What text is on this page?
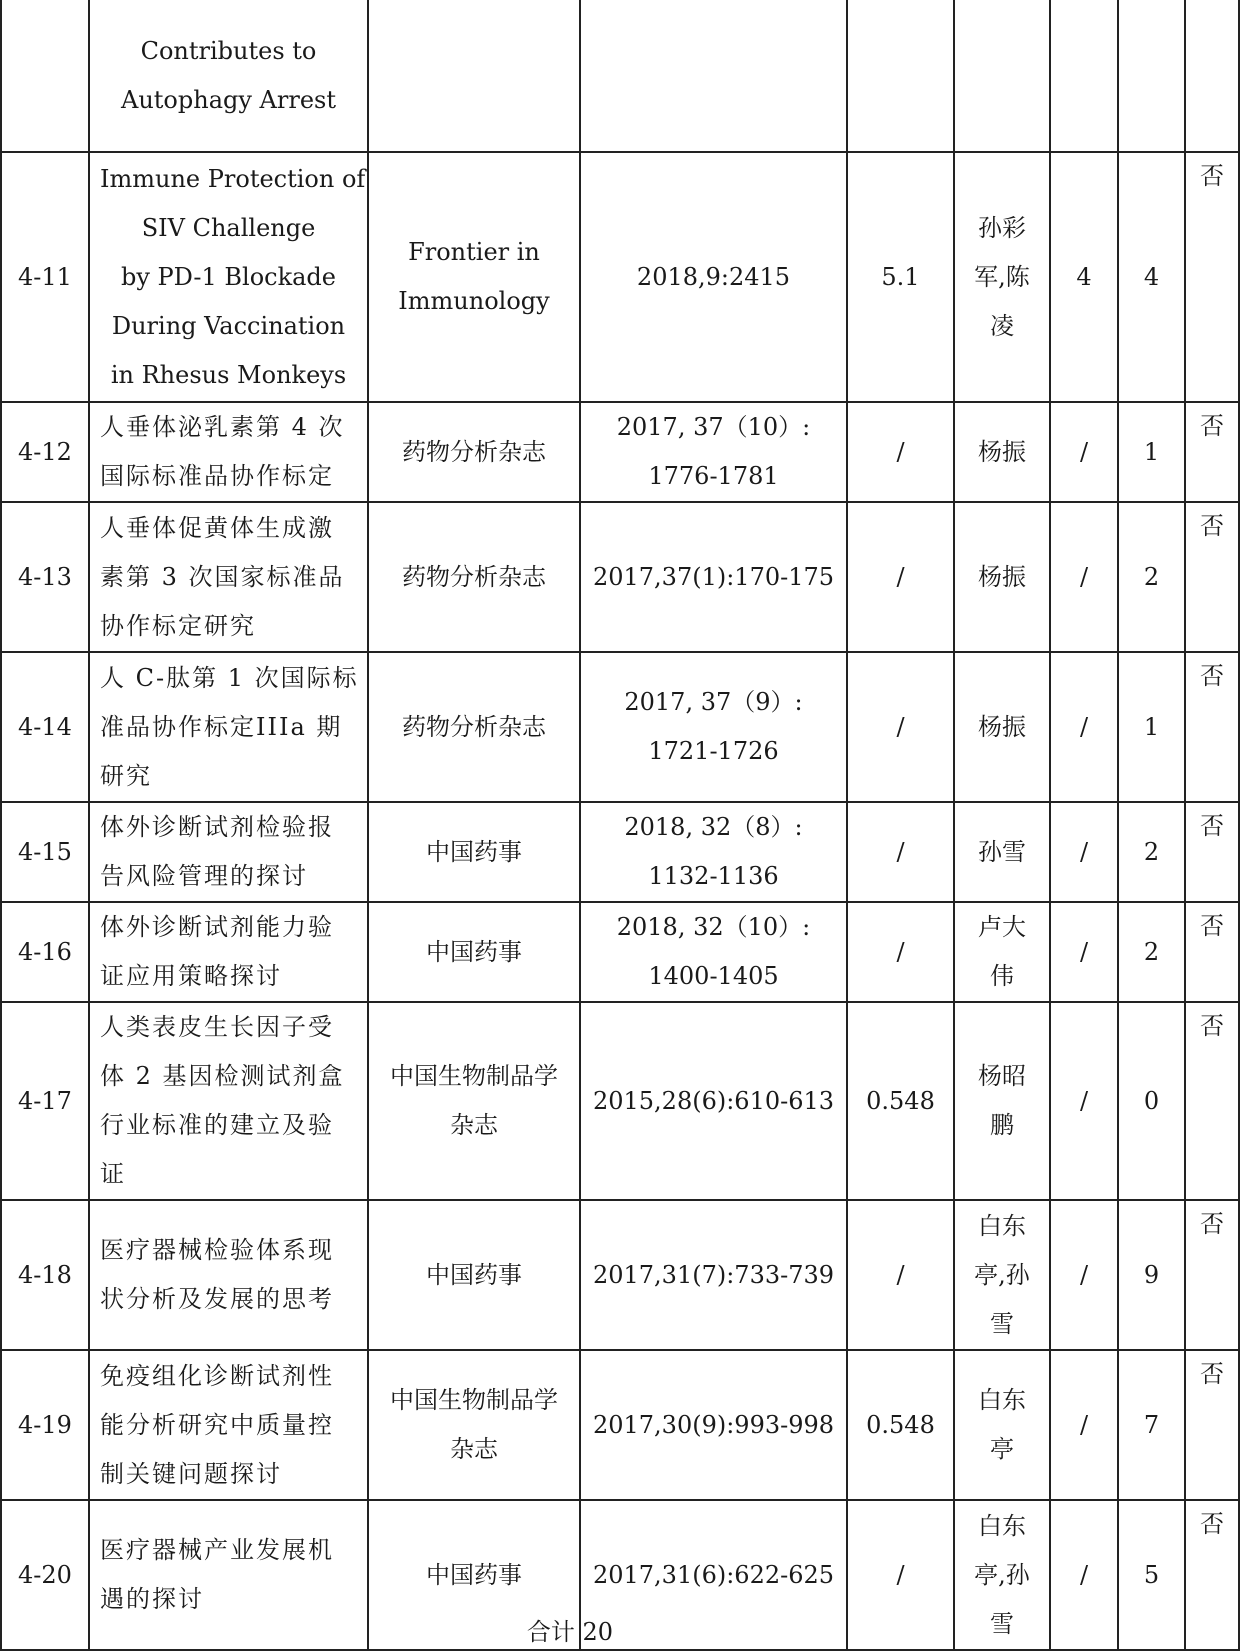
	Contributes to
Autophagy Arrest							

4-11	Immune Protection of
SIV Challenge
by PD-1 Blockade
During Vaccination
in Rhesus Monkeys	Frontier in
Immunology	2018,9:2415	5.1	孙彩
军,陈
凌	4	4	否
4-12	人垂体泌乳素第 4 次
国际标准品协作标定	药物分析杂志	2017, 37（10）:
1776-1781	/	杨振	/	1	否
4-13	人垂体促黄体生成激
素第 3 次国家标准品
协作标定研究	药物分析杂志	2017,37(1):170-175	/	杨振	/	2	否
4-14	人 C-肽第 1 次国际标
准品协作标定IIIa 期
研究	药物分析杂志	2017, 37（9）:
1721-1726	/	杨振	/	1	否
4-15	体外诊断试剂检验报
告风险管理的探讨	中国药事	2018, 32（8）:
1132-1136	/	孙雪	/	2	否
4-16	体外诊断试剂能力验
证应用策略探讨	中国药事	2018, 32（10）:
1400-1405	/	卢大
伟	/	2	否
4-17	人类表皮生长因子受
体 2 基因检测试剂盒
行业标准的建立及验
证	中国生物制品学
杂志	2015,28(6):610-613	0.548	杨昭
鹏	/	0	否
4-18	医疗器械检验体系现
状分析及发展的思考	中国药事	2017,31(7):733-739	/	白东
亭,孙
雪	/	9	否
4-19	免疫组化诊断试剂性
能分析研究中质量控
制关键问题探讨	中国生物制品学
杂志	2017,30(9):993-998	0.548	白东
亭	/	7	否
4-20	医疗器械产业发展机
遇的探讨	中国药事	2017,31(6):622-625	/	白东
亭,孙
雪	/	5	否
合计 20
